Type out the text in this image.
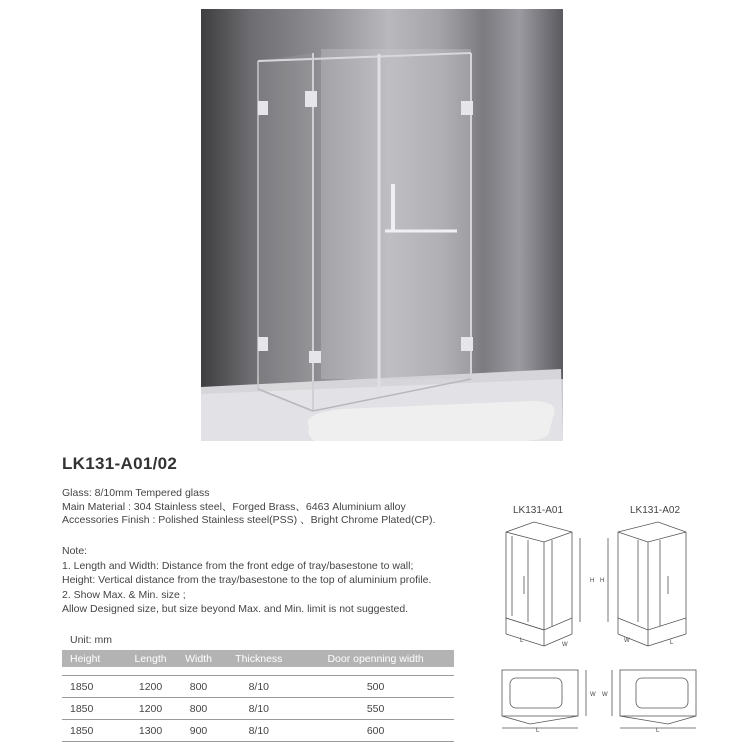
LK131-A01/02
Glass: 8/10mm Tempered glass
Main Material : 304 Stainless steel、Forged Brass、6463 Aluminium alloy
Accessories Finish : Polished Stainless steel(PSS) 、Bright Chrome Plated(CP).
Note:
1. Length and Width: Distance from the front edge of tray/basestone to wall;
Height: Vertical distance from the tray/basestone to the top of aluminium profile.
2. Show Max. & Min. size ;
Allow Designed size, but size beyond Max. and Min. limit is not suggested.
Unit: mm
Height	Length	Width	Thickness	Door openning width

1850	1200	800	8/10	500
1850	1200	800	8/10	550
1850	1300	900	8/10	600
LK131-A01	LK131-A02
H H
L
W
W	L
W W
L	L
